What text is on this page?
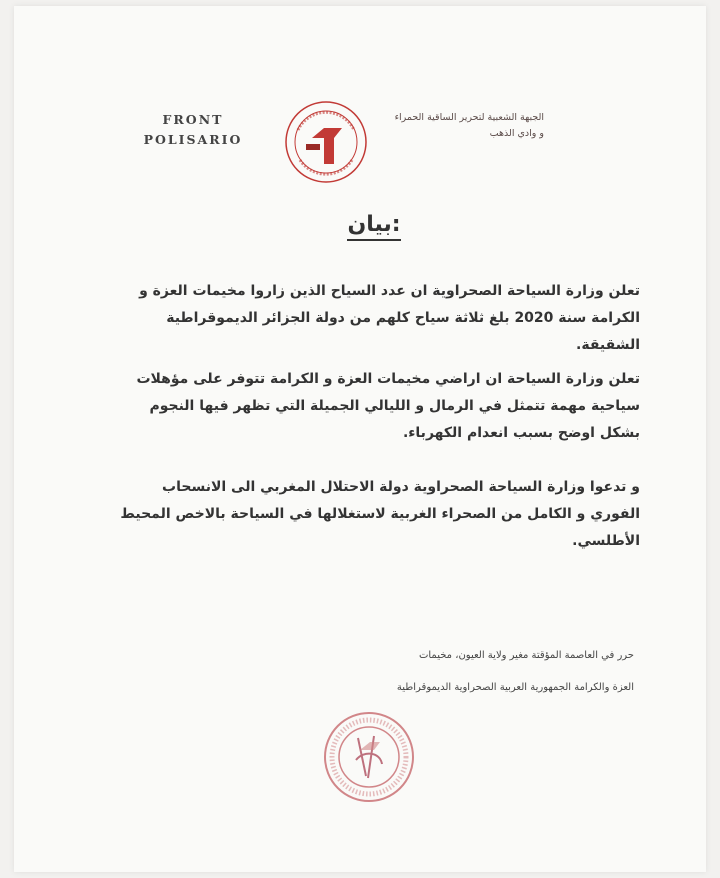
FRONT
POLISARIO
الجبهة الشعبية لتحرير الساقية الحمراء
و وادي الذهب
بيان:
تعلن وزارة السياحة الصحراوية ان عدد السياح الذين زاروا مخيمات العزة و الكرامة سنة 2020 بلغ ثلاثة سياح كلهم من دولة الجزائر الديموقراطية الشقيقة.
تعلن وزارة السياحة ان اراضي مخيمات العزة و الكرامة تتوفر على مؤهلات سياحية مهمة تتمثل في الرمال و الليالي الجميلة التي تظهر فيها النجوم بشكل اوضح بسبب انعدام الكهرباء.
و تدعوا وزارة السياحة الصحراوية دولة الاحتلال المغربي الى الانسحاب الفوري و الكامل من الصحراء الغربية لاستغلالها في السياحة بالاخص المحيط الأطلسي.
حرر في العاصمة المؤقتة مغير ولاية العيون، مخيمات
العزة والكرامة الجمهورية العربية الصحراوية الديموقراطية
